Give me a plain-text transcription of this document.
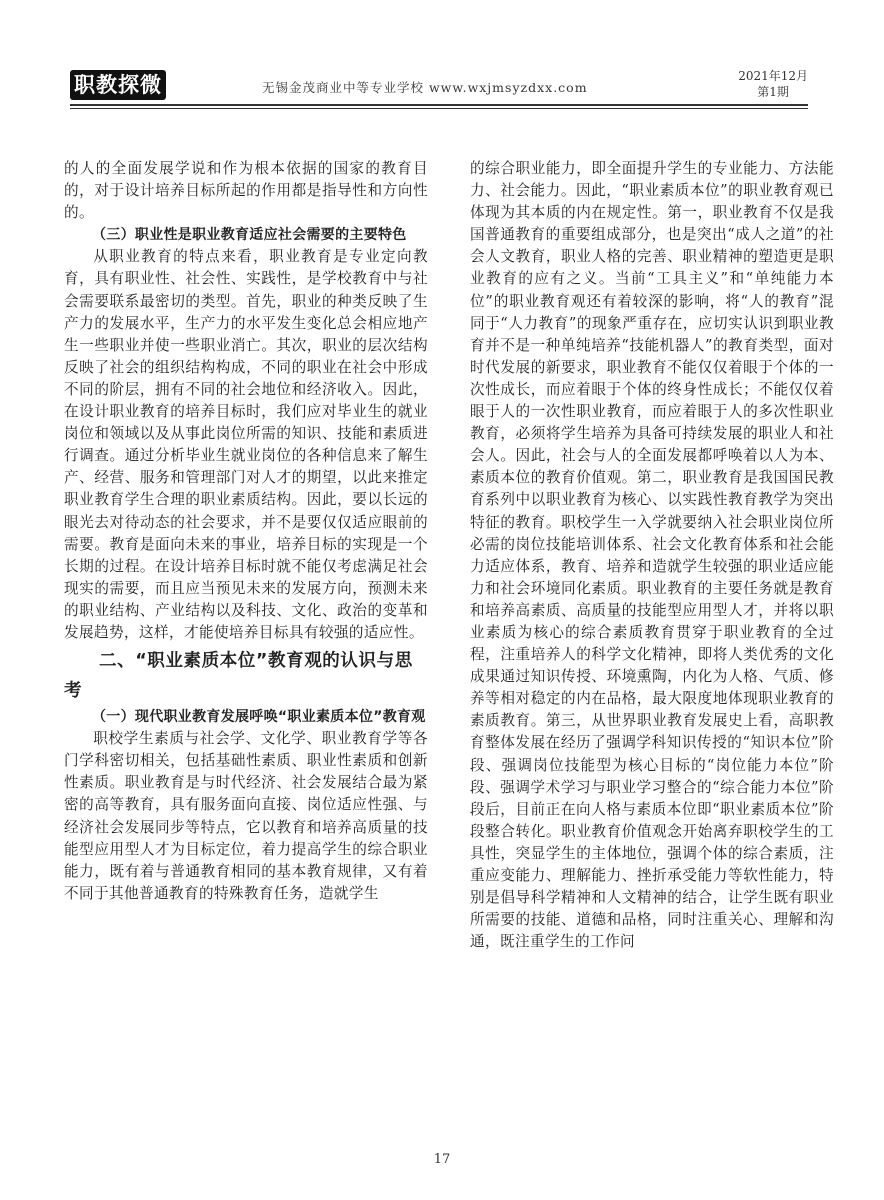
职教探微	无锡金茂商业中等专业学校 www.wxjmsyzdxx.com
2021年12月
第1期

的人的全面发展学说和作为根本依据的国家的教育目的，对于设计培养目标所起的作用都是指导性和方向性的。

（三）职业性是职业教育适应社会需要的主要特色

从职业教育的特点来看，职业教育是专业定向教育，具有职业性、社会性、实践性，是学校教育中与社会需要联系最密切的类型。首先，职业的种类反映了生产力的发展水平，生产力的水平发生变化总会相应地产生一些职业并使一些职业消亡。其次，职业的层次结构反映了社会的组织结构构成，不同的职业在社会中形成不同的阶层，拥有不同的社会地位和经济收入。因此，在设计职业教育的培养目标时，我们应对毕业生的就业岗位和领域以及从事此岗位所需的知识、技能和素质进行调查。通过分析毕业生就业岗位的各种信息来了解生产、经营、服务和管理部门对人才的期望，以此来推定职业教育学生合理的职业素质结构。因此，要以长远的眼光去对待动态的社会要求，并不是要仅仅适应眼前的需要。教育是面向未来的事业，培养目标的实现是一个长期的过程。在设计培养目标时就不能仅考虑满足社会现实的需要，而且应当预见未来的发展方向，预测未来的职业结构、产业结构以及科技、文化、政治的变革和发展趋势，这样，才能使培养目标具有较强的适应性。

二、“职业素质本位”教育观的认识与思考
（一）现代职业教育发展呼唤“职业素质本位”教育观

职校学生素质与社会学、文化学、职业教育学等各门学科密切相关，包括基础性素质、职业性素质和创新性素质。职业教育是与时代经济、社会发展结合最为紧密的高等教育，具有服务面向直接、岗位适应性强、与经济社会发展同步等特点，它以教育和培养高质量的技能型应用型人才为目标定位，着力提高学生的综合职业能力，既有着与普通教育相同的基本教育规律，又有着不同于其他普通教育的特殊教育任务，造就学生

的综合职业能力，即全面提升学生的专业能力、方法能力、社会能力。因此，“职业素质本位”的职业教育观已体现为其本质的内在规定性。第一，职业教育不仅是我国普通教育的重要组成部分，也是突出“成人之道”的社会人文教育，职业人格的完善、职业精神的塑造更是职业教育的应有之义。当前“工具主义”和“单纯能力本位”的职业教育观还有着较深的影响，将“人的教育”混同于“人力教育”的现象严重存在，应切实认识到职业教育并不是一种单纯培养“技能机器人”的教育类型，面对时代发展的新要求，职业教育不能仅仅着眼于个体的一次性成长，而应着眼于个体的终身性成长；不能仅仅着眼于人的一次性职业教育，而应着眼于人的多次性职业教育，必须将学生培养为具备可持续发展的职业人和社会人。因此，社会与人的全面发展都呼唤着以人为本、素质本位的教育价值观。第二，职业教育是我国国民教育系列中以职业教育为核心、以实践性教育教学为突出特征的教育。职校学生一入学就要纳入社会职业岗位所必需的岗位技能培训体系、社会文化教育体系和社会能力适应体系，教育、培养和造就学生较强的职业适应能力和社会环境同化素质。职业教育的主要任务就是教育和培养高素质、高质量的技能型应用型人才，并将以职业素质为核心的综合素质教育贯穿于职业教育的全过程，注重培养人的科学文化精神，即将人类优秀的文化成果通过知识传授、环境熏陶，内化为人格、气质、修养等相对稳定的内在品格，最大限度地体现职业教育的素质教育。第三，从世界职业教育发展史上看，高职教育整体发展在经历了强调学科知识传授的“知识本位”阶段、强调岗位技能型为核心目标的“岗位能力本位”阶段、强调学术学习与职业学习整合的“综合能力本位”阶段后，目前正在向人格与素质本位即“职业素质本位”阶段整合转化。职业教育价值观念开始离弃职校学生的工具性，突显学生的主体地位，强调个体的综合素质，注重应变能力、理解能力、挫折承受能力等软性能力，特别是倡导科学精神和人文精神的结合，让学生既有职业所需要的技能、道德和品格，同时注重关心、理解和沟通，既注重学生的工作问

17
